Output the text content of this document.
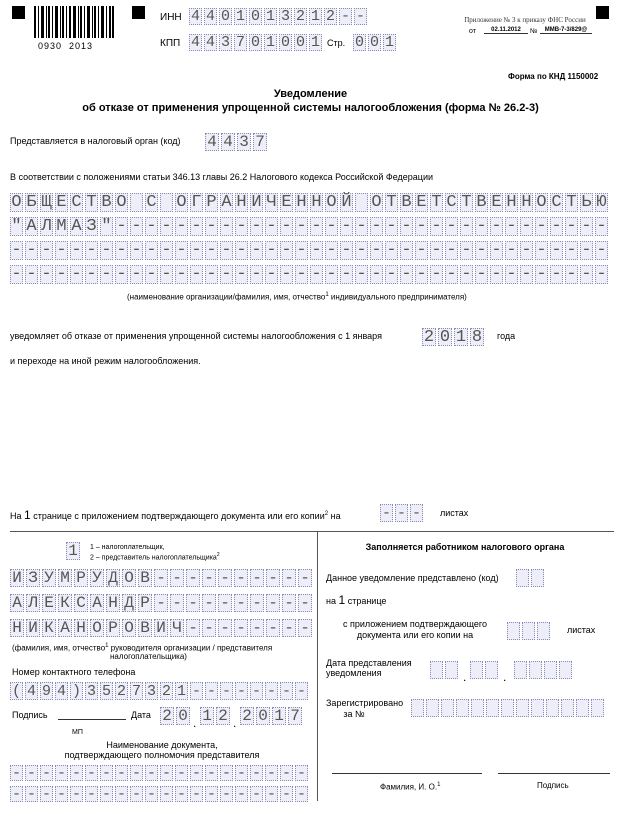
0930  2013
ИНН 4 4 0 1 0 1 3 2 1 2 - -
КПП 4 4 3 7 0 1 0 0 1 Стр. 0 0 1
Приложение № 3 к приказу ФНС России
от	02.11.2012	№	ММВ-7-3/829@
Форма по КНД 1150002
Уведомление
об отказе от применения упрощенной системы налогообложения (форма № 26.2-3)
Представляется в налоговый орган (код) 4 4 3 7
В соответствии с положениями статьи 346.13 главы 26.2 Налогового кодекса Российской Федерации
О Б Щ Е С Т В О С О Г Р А Н И Ч Е Н Н О Й О Т В Е Т С Т В Е Н Н О С Т Ь Ю
" А Л М А З " - - - - - - - - - - - - - - - - - - - - - - - - - - - - - - - - -
- - - - - - - - - - - - - - - - - - - - - - - - - - - - - - - - - - - - - - - -
- - - - - - - - - - - - - - - - - - - - - - - - - - - - - - - - - - - - - - - -
(наименование организации/фамилия, имя, отчество$^1$ индивидуального предпринимателя)
уведомляет об отказе от применения упрощенной системы налогообложения с 1 января 2 0 1 8 года
и переходе на иной режим налогообложения.
На 1 странице с приложением подтверждающего документа или его копии$^2$ на	- - - листах
1	1 – налогоплательщик,
2 – представитель налогоплательщика$^2$
И З У М Р У Д О В - - - - - - - - - -
А Л Е К С А Н Д Р - - - - - - - - - -
Н И К А Н О Р О В И Ч - - - - - - - -
(фамилия, имя, отчество$^1$ руководителя организации / представителя
налогоплательщика)
Номер контактного телефона
( 4 9 4 ) 3 5 2 7 3 2 1 - - - - - - - -
Подпись	Дата 2 0 . 1 2 . 2 0 1 7
МП
Наименование документа,
подтверждающего полномочия представителя
- - - - - - - - - - - - - - - - - - - -
- - - - - - - - - - - - - - - - - - - -
Заполняется работником налогового органа
Данное уведомление представлено (код)
на 1 странице
с приложением подтверждающего
документа или его копии на	листах
Дата представления
уведомления	.	.
Зарегистрировано
за №
Фамилия, И. О.$^1$	Подпись
